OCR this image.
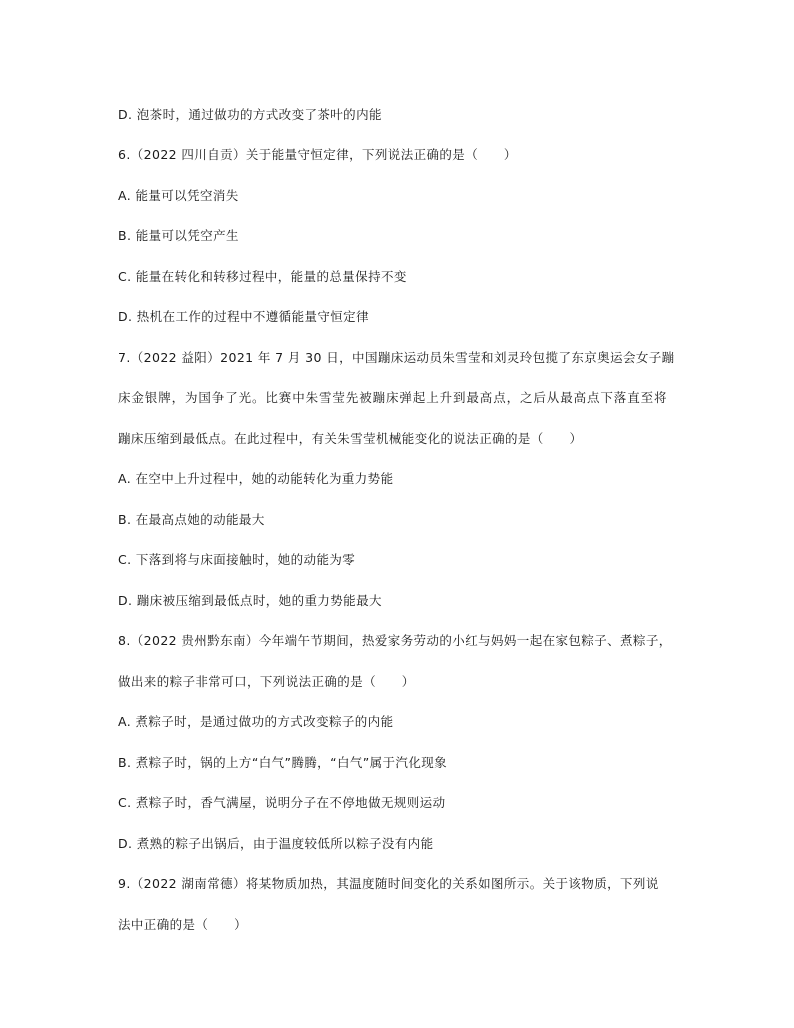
D. 泡茶时，通过做功的方式改变了茶叶的内能
6.（2022 四川自贡）关于能量守恒定律，下列说法正确的是（　　）
A. 能量可以凭空消失
B. 能量可以凭空产生
C. 能量在转化和转移过程中，能量的总量保持不变
D. 热机在工作的过程中不遵循能量守恒定律
7.（2022 益阳）2021 年 7 月 30 日，中国蹦床运动员朱雪莹和刘灵玲包揽了东京奥运会女子蹦
床金银牌，为国争了光。比赛中朱雪莹先被蹦床弹起上升到最高点，之后从最高点下落直至将
蹦床压缩到最低点。在此过程中，有关朱雪莹机械能变化的说法正确的是（　　）
A. 在空中上升过程中，她的动能转化为重力势能
B. 在最高点她的动能最大
C. 下落到将与床面接触时，她的动能为零
D. 蹦床被压缩到最低点时，她的重力势能最大
8.（2022 贵州黔东南）今年端午节期间，热爱家务劳动的小红与妈妈一起在家包粽子、煮粽子，
做出来的粽子非常可口，下列说法正确的是（　　）
A. 煮粽子时，是通过做功的方式改变粽子的内能
B. 煮粽子时，锅的上方“白气”腾腾，“白气”属于汽化现象
C. 煮粽子时，香气满屋，说明分子在不停地做无规则运动
D. 煮熟的粽子出锅后，由于温度较低所以粽子没有内能
9.（2022 湖南常德）将某物质加热，其温度随时间变化的关系如图所示。关于该物质，下列说
法中正确的是（　　）
